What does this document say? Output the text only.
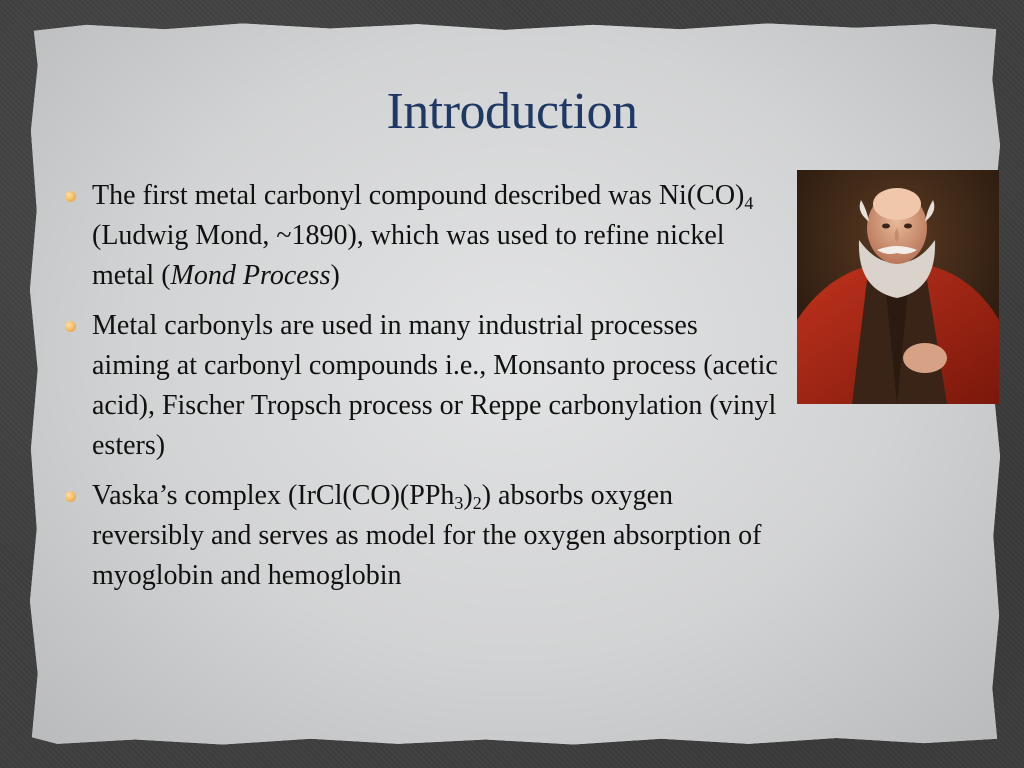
Introduction
The first metal carbonyl compound described was $Ni(CO)_4$ (Ludwig Mond, ~1890), which was used to refine nickel metal (Mond Process)
Metal carbonyls are used in many industrial processes aiming at carbonyl compounds i.e., Monsanto process (acetic acid), Fischer Tropsch process or Reppe carbonylation (vinyl esters)
Vaska’s complex $(IrCl(CO)(PPh_3)_2)$ absorbs oxygen reversibly and serves as model for the oxygen absorption of myoglobin and hemoglobin
